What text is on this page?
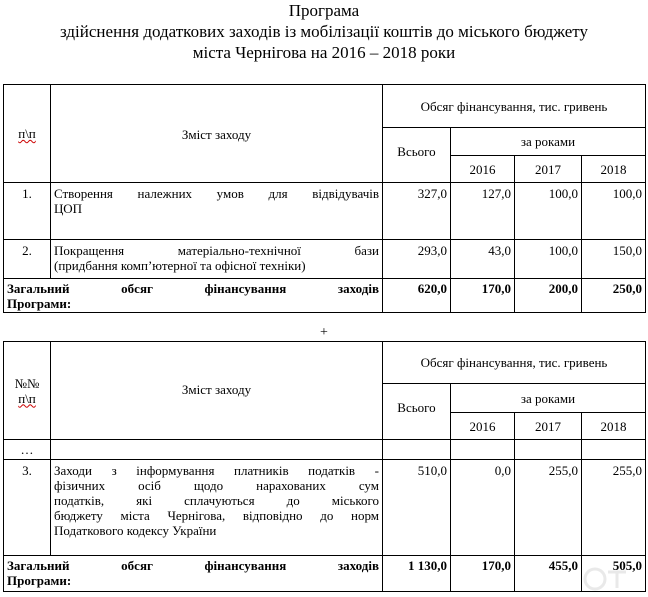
Програма
здійснення додаткових заходів із мобілізації коштів до міського бюджету
міста Чернігова на 2016 – 2018 роки
п\п	Зміст заходу	Обсяг фінансування, тис. гривень			
		Всього	за роками		
			2016	2017	2018
1.	Створення належних умов для відвідувачів
ЦОП	327,0	127,0	100,0	100,0
2.	Покращення матеріально-технічної бази
(придбання комп’ютерної та офісної техніки)	293,0	43,0	100,0	150,0

Загальний обсяг фінансування заходів
Програми:		620,0	170,0	200,0	250,0
+
№№
п\п	Зміст заходу	Обсяг фінансування, тис. гривень			
		Всього	за роками		
			2016	2017	2018
…					
3.	Заходи з інформування платників податків -
фізичних осіб щодо нарахованих сум
податків, які сплачуються до міського
бюджету міста Чернігова, відповідно до норм
Податкового кодексу України	510,0	0,0	255,0	255,0

Загальний обсяг фінансування заходів
Програми:		1 130,0	170,0	455,0	505,0
